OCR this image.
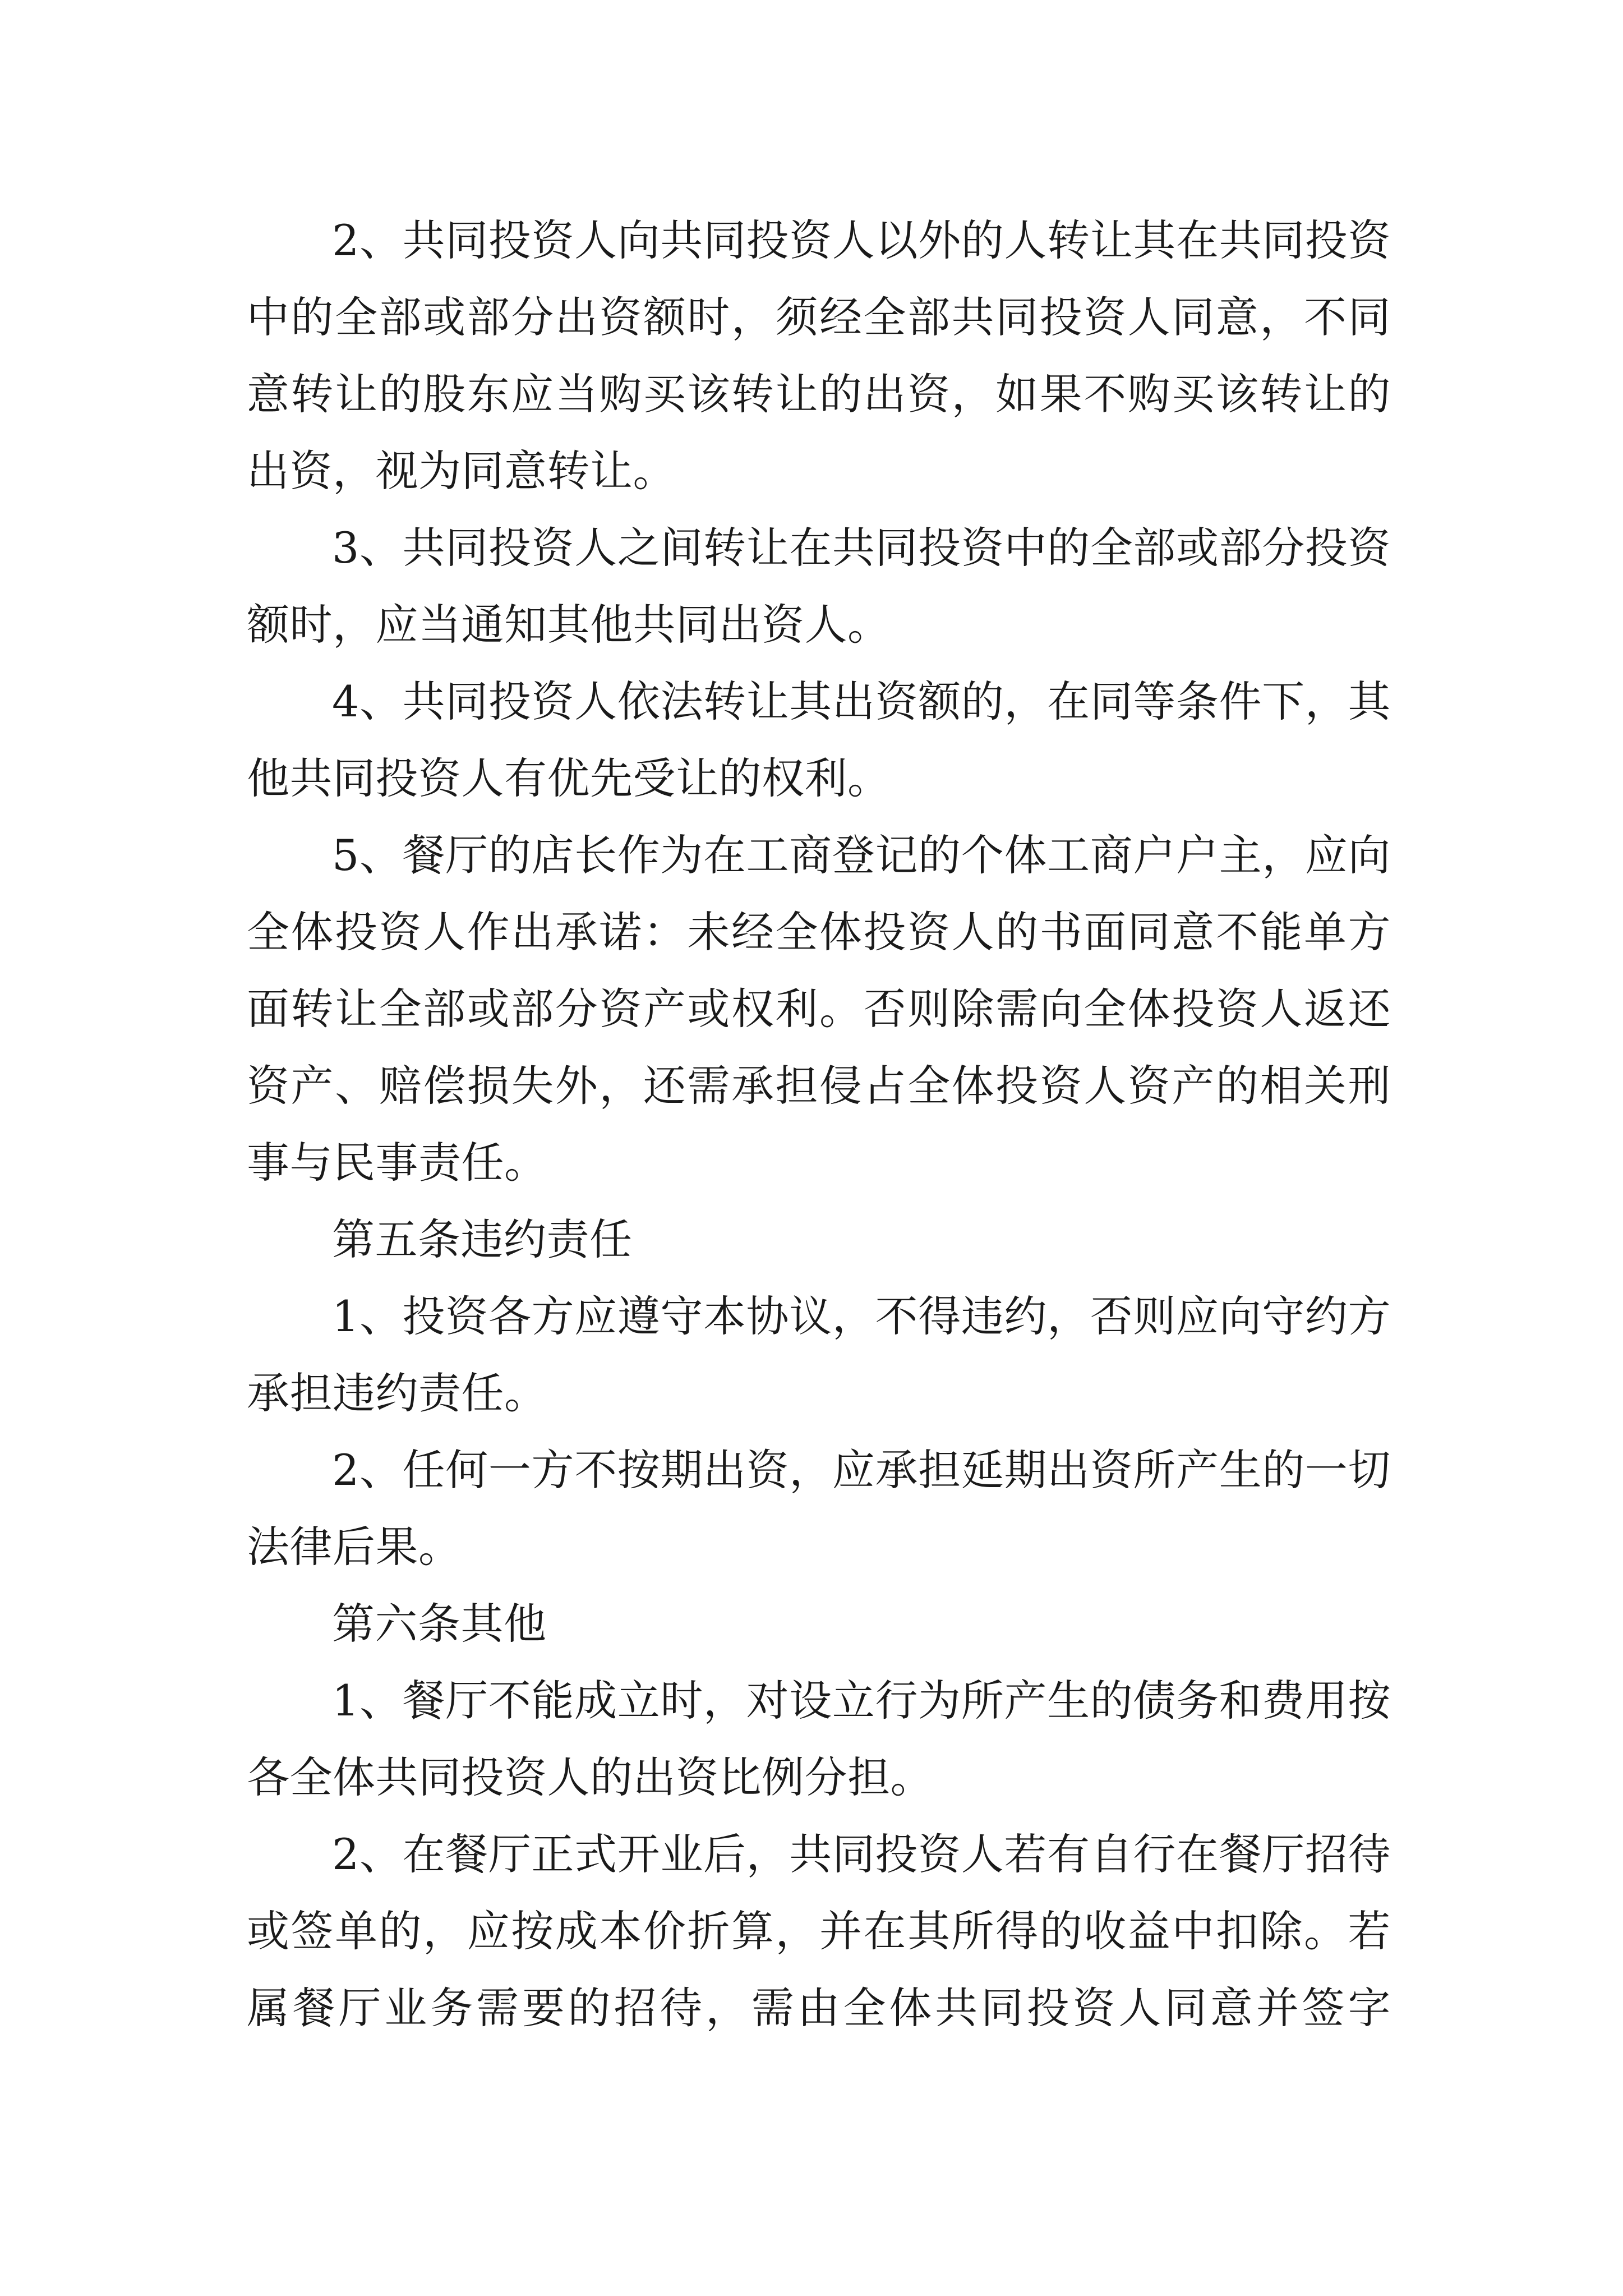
2、共同投资人向共同投资人以外的人转让其在共同投资中的全部或部分出资额时，须经全部共同投资人同意，不同意转让的股东应当购买该转让的出资，如果不购买该转让的出资，视为同意转让。

3、共同投资人之间转让在共同投资中的全部或部分投资额时，应当通知其他共同出资人。

4、共同投资人依法转让其出资额的，在同等条件下，其他共同投资人有优先受让的权利。

5、餐厅的店长作为在工商登记的个体工商户户主，应向全体投资人作出承诺：未经全体投资人的书面同意不能单方面转让全部或部分资产或权利。否则除需向全体投资人返还资产、赔偿损失外，还需承担侵占全体投资人资产的相关刑事与民事责任。

第五条违约责任

1、投资各方应遵守本协议，不得违约，否则应向守约方承担违约责任。

2、任何一方不按期出资，应承担延期出资所产生的一切法律后果。

第六条其他

1、餐厅不能成立时，对设立行为所产生的债务和费用按各全体共同投资人的出资比例分担。

2、在餐厅正式开业后，共同投资人若有自行在餐厅招待或签单的，应按成本价折算，并在其所得的收益中扣除。若属餐厅业务需要的招待，需由全体共同投资人同意并签字
